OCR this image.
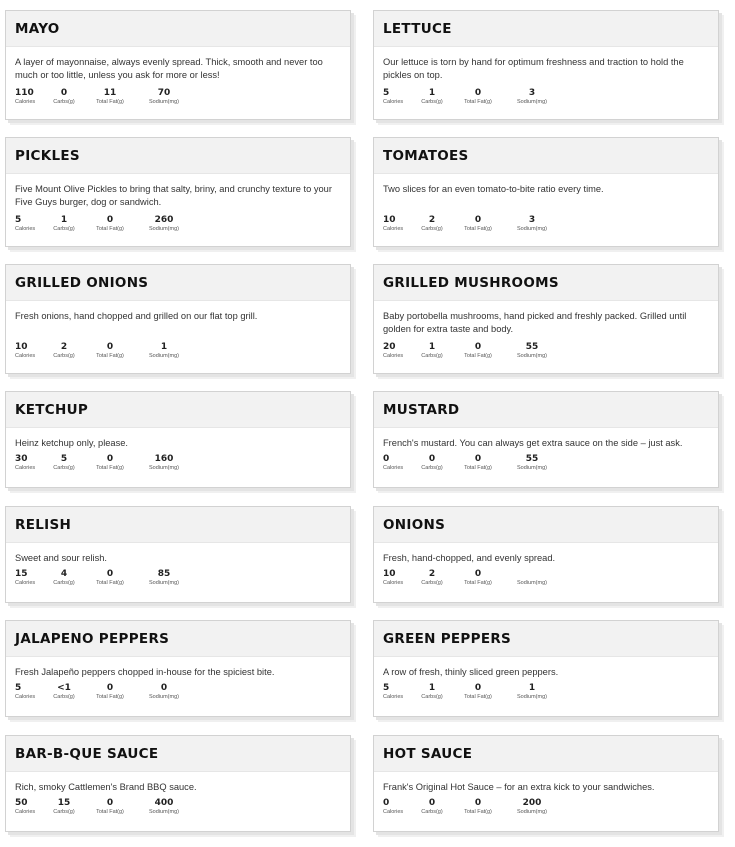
MAYO

A layer of mayonnaise, always evenly spread. Thick, smooth and never too much or too little, unless you ask for more or less!

110
Calories
0
Carbs(g)
11
Total Fat(g)
70
Sodium(mg)
LETTUCE

Our lettuce is torn by hand for optimum freshness and traction to hold the pickles on top.

5
Calories
1
Carbs(g)
0
Total Fat(g)
3
Sodium(mg)
PICKLES

Five Mount Olive Pickles to bring that salty, briny, and crunchy texture to your Five Guys burger, dog or sandwich.

5
Calories
1
Carbs(g)
0
Total Fat(g)
260
Sodium(mg)
TOMATOES

Two slices for an even tomato-to-bite ratio every time.

10
Calories
2
Carbs(g)
0
Total Fat(g)
3
Sodium(mg)
GRILLED ONIONS

Fresh onions, hand chopped and grilled on our flat top grill.

10
Calories
2
Carbs(g)
0
Total Fat(g)
1
Sodium(mg)
GRILLED MUSHROOMS

Baby portobella mushrooms, hand picked and freshly packed. Grilled until golden for extra taste and body.

20
Calories
1
Carbs(g)
0
Total Fat(g)
55
Sodium(mg)
KETCHUP

Heinz ketchup only, please.

30
Calories
5
Carbs(g)
0
Total Fat(g)
160
Sodium(mg)
MUSTARD

French's mustard. You can always get extra sauce on the side – just ask.

0
Calories
0
Carbs(g)
0
Total Fat(g)
55
Sodium(mg)
RELISH

Sweet and sour relish.

15
Calories
4
Carbs(g)
0
Total Fat(g)
85
Sodium(mg)
ONIONS

Fresh, hand-chopped, and evenly spread.

10
Calories
2
Carbs(g)
0
Total Fat(g)	Sodium(mg)
JALAPENO PEPPERS

Fresh Jalapeño peppers chopped in-house for the spiciest bite.

5
Calories
<1
Carbs(g)
0
Total Fat(g)
0
Sodium(mg)
GREEN PEPPERS

A row of fresh, thinly sliced green peppers.

5
Calories
1
Carbs(g)
0
Total Fat(g)
1
Sodium(mg)
BAR-B-QUE SAUCE

Rich, smoky Cattlemen's Brand BBQ sauce.

50
Calories
15
Carbs(g)
0
Total Fat(g)
400
Sodium(mg)
HOT SAUCE

Frank's Original Hot Sauce – for an extra kick to your sandwiches.

0
Calories
0
Carbs(g)
0
Total Fat(g)
200
Sodium(mg)
